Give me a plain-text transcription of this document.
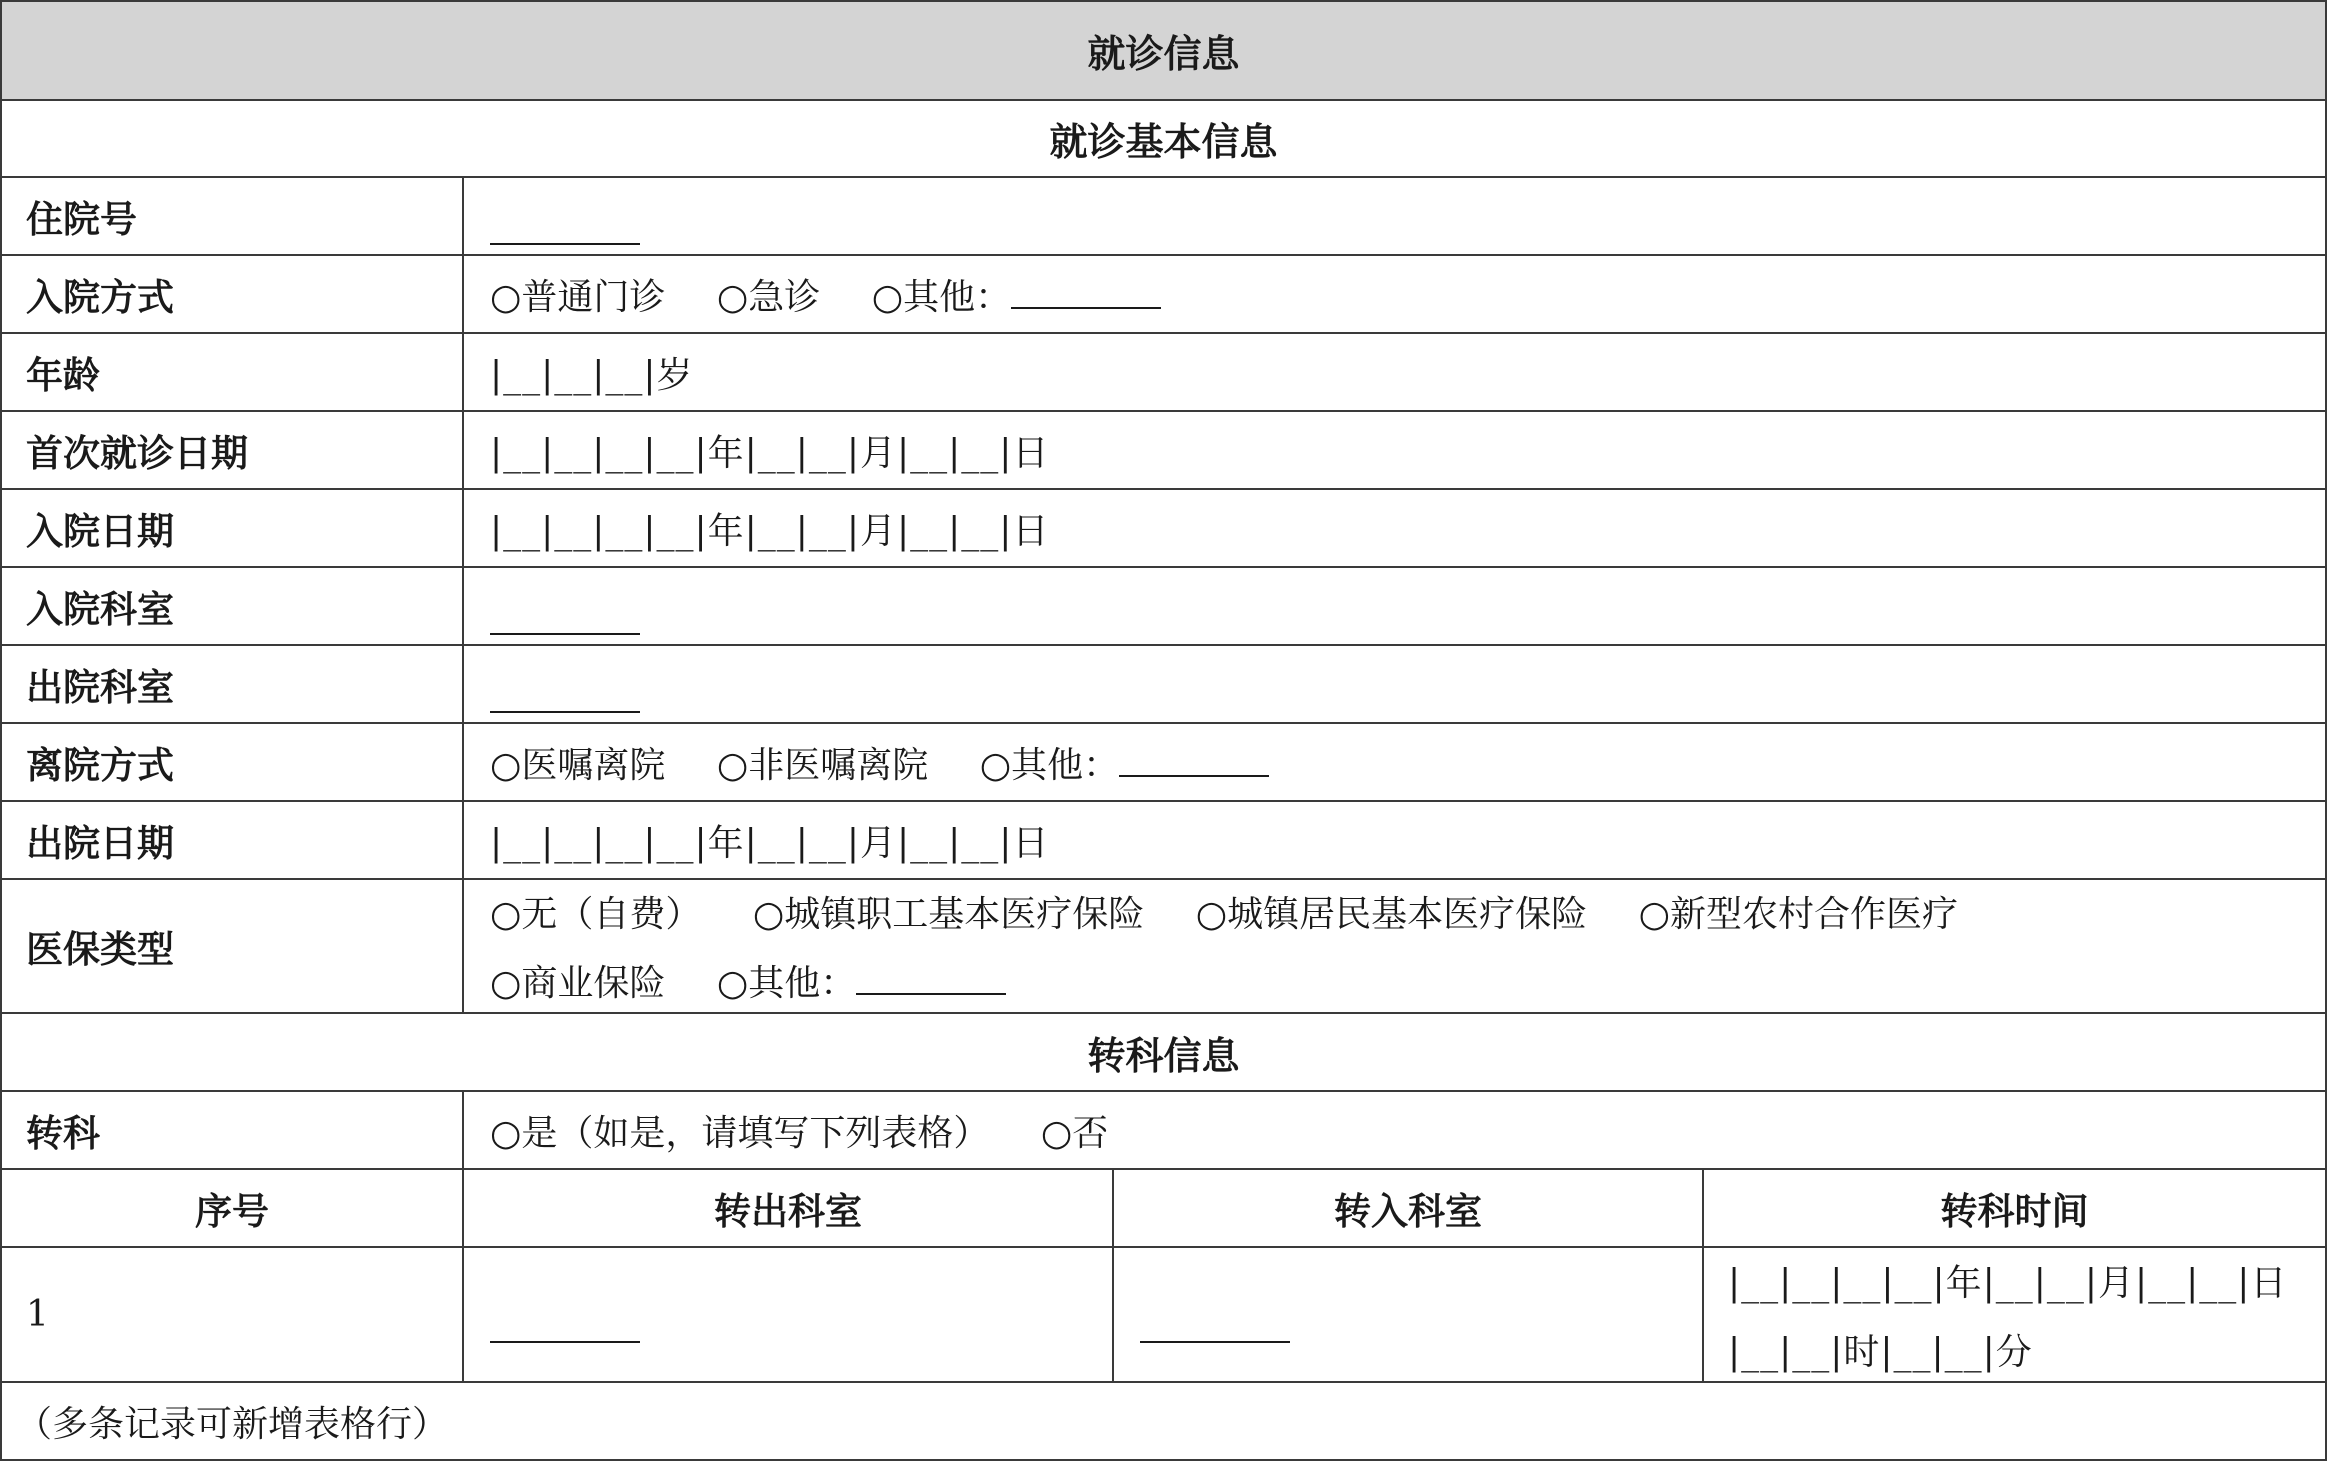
就诊信息			
就诊基本信息			
住院号			
入院方式	○普通门诊 ○急诊 ○其他：		
年龄	|__|__|__|岁		
首次就诊日期	|__|__|__|__|年|__|__|月|__|__|日		
入院日期	|__|__|__|__|年|__|__|月|__|__|日		
入院科室			
出院科室			
离院方式	○医嘱离院 ○非医嘱离院 ○其他：		
出院日期	|__|__|__|__|年|__|__|月|__|__|日		
医保类型	○无（自费） ○城镇职工基本医疗保险 ○城镇居民基本医疗保险 ○新型农村合作医疗
○商业保险 ○其他：		

转科信息			
转科	○是（如是，请填写下列表格） ○否		
序号	转出科室	转入科室	转科时间
1			|__|__|__|__|年|__|__|月|__|__|日
|__|__|时|__|__|分

（多条记录可新增表格行）			
